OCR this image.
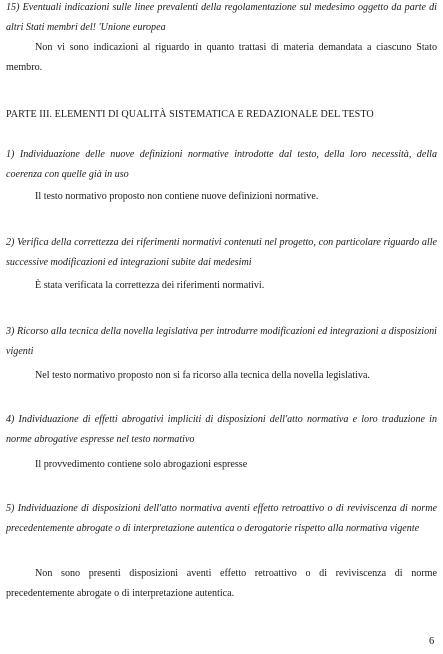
15) Eventuali indicazioni sulle linee prevalenti della regolamentazione sul medesimo oggetto da parte di altri Stati membri del! 'Unione europea
Non vi sono indicazioni al riguardo in quanto trattasi di materia demandata a ciascuno Stato membro.
PARTE III. ELEMENTI DI QUALITÀ SISTEMATICA E REDAZIONALE DEL TESTO
1) Individuazione delle nuove definizioni normative introdotte dal testo, della loro necessità, della coerenza con quelle già in uso
Il testo normativo proposto non contiene nuove definizioni normative.
2) Verifica della correttezza dei riferimenti normativi contenuti nel progetto, con particolare riguardo alle successive modificazioni ed integrazioni subite dai medesimi
È stata verificata la correttezza dei riferimenti normativi.
3) Ricorso alla tecnica della novella legislativa per introdurre modificazioni ed integrazioni a disposizioni vigenti
Nel testo normativo proposto non si fa ricorso alla tecnica della novella legislativa.
4) Individuazione di effetti abrogativi impliciti di disposizioni dell'atto normativa e loro traduzione in norme abrogative espresse nel testo normativo
Il provvedimento contiene solo abrogazioni espresse
5) Individuazione di disposizioni dell'atto normativa aventi effetto retroattivo o di reviviscenza di norme precedentemente abrogate o di interpretazione autentica o derogatorie rispetto alla normativa vigente
Non sono presenti disposizioni aventi effetto retroattivo o di reviviscenza di norme precedentemente abrogate o di interpretazione autentica.
6
